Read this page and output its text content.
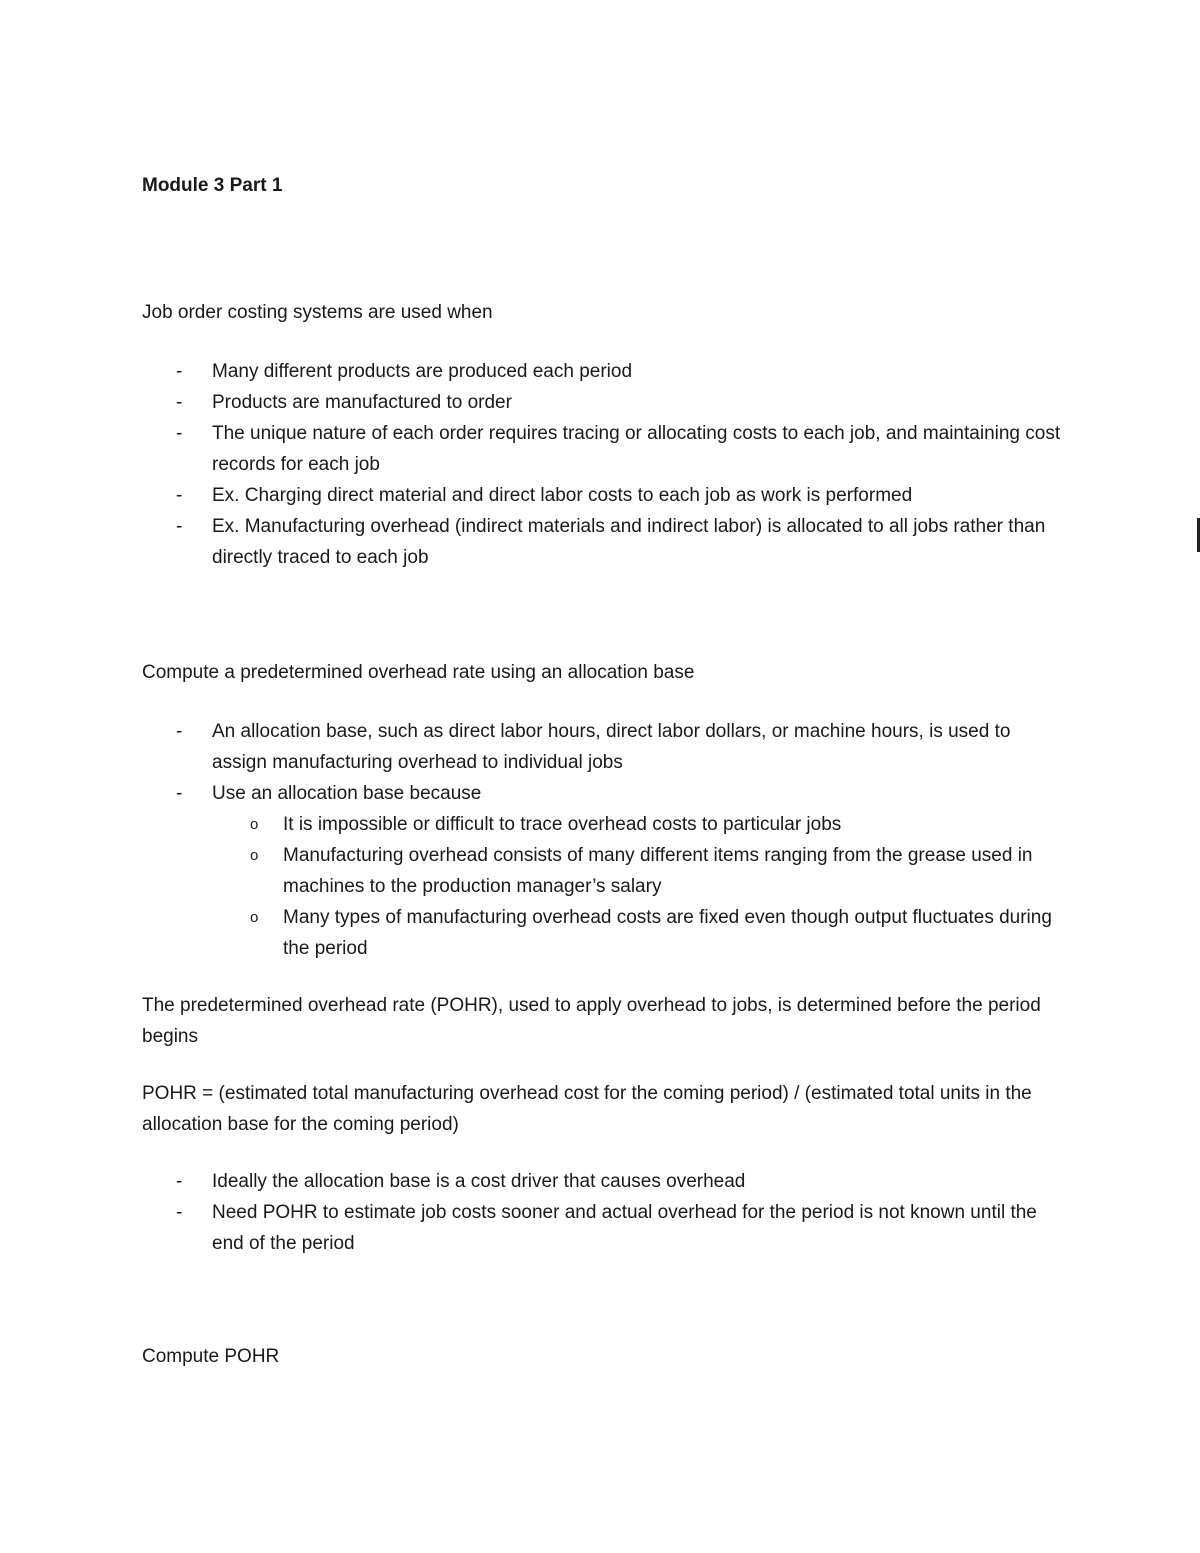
Module 3 Part 1

Job order costing systems are used when

- Many different products are produced each period
- Products are manufactured to order
- The unique nature of each order requires tracing or allocating costs to each job, and maintaining cost records for each job
- Ex. Charging direct material and direct labor costs to each job as work is performed
- Ex. Manufacturing overhead (indirect materials and indirect labor) is allocated to all jobs rather than directly traced to each job

Compute a predetermined overhead rate using an allocation base

- An allocation base, such as direct labor hours, direct labor dollars, or machine hours, is used to assign manufacturing overhead to individual jobs
- Use an allocation base because
o It is impossible or difficult to trace overhead costs to particular jobs
o Manufacturing overhead consists of many different items ranging from the grease used in machines to the production manager’s salary
o Many types of manufacturing overhead costs are fixed even though output fluctuates during the period

The predetermined overhead rate (POHR), used to apply overhead to jobs, is determined before the period begins

POHR = (estimated total manufacturing overhead cost for the coming period) / (estimated total units in the allocation base for the coming period)

- Ideally the allocation base is a cost driver that causes overhead
- Need POHR to estimate job costs sooner and actual overhead for the period is not known until the end of the period

Compute POHR
